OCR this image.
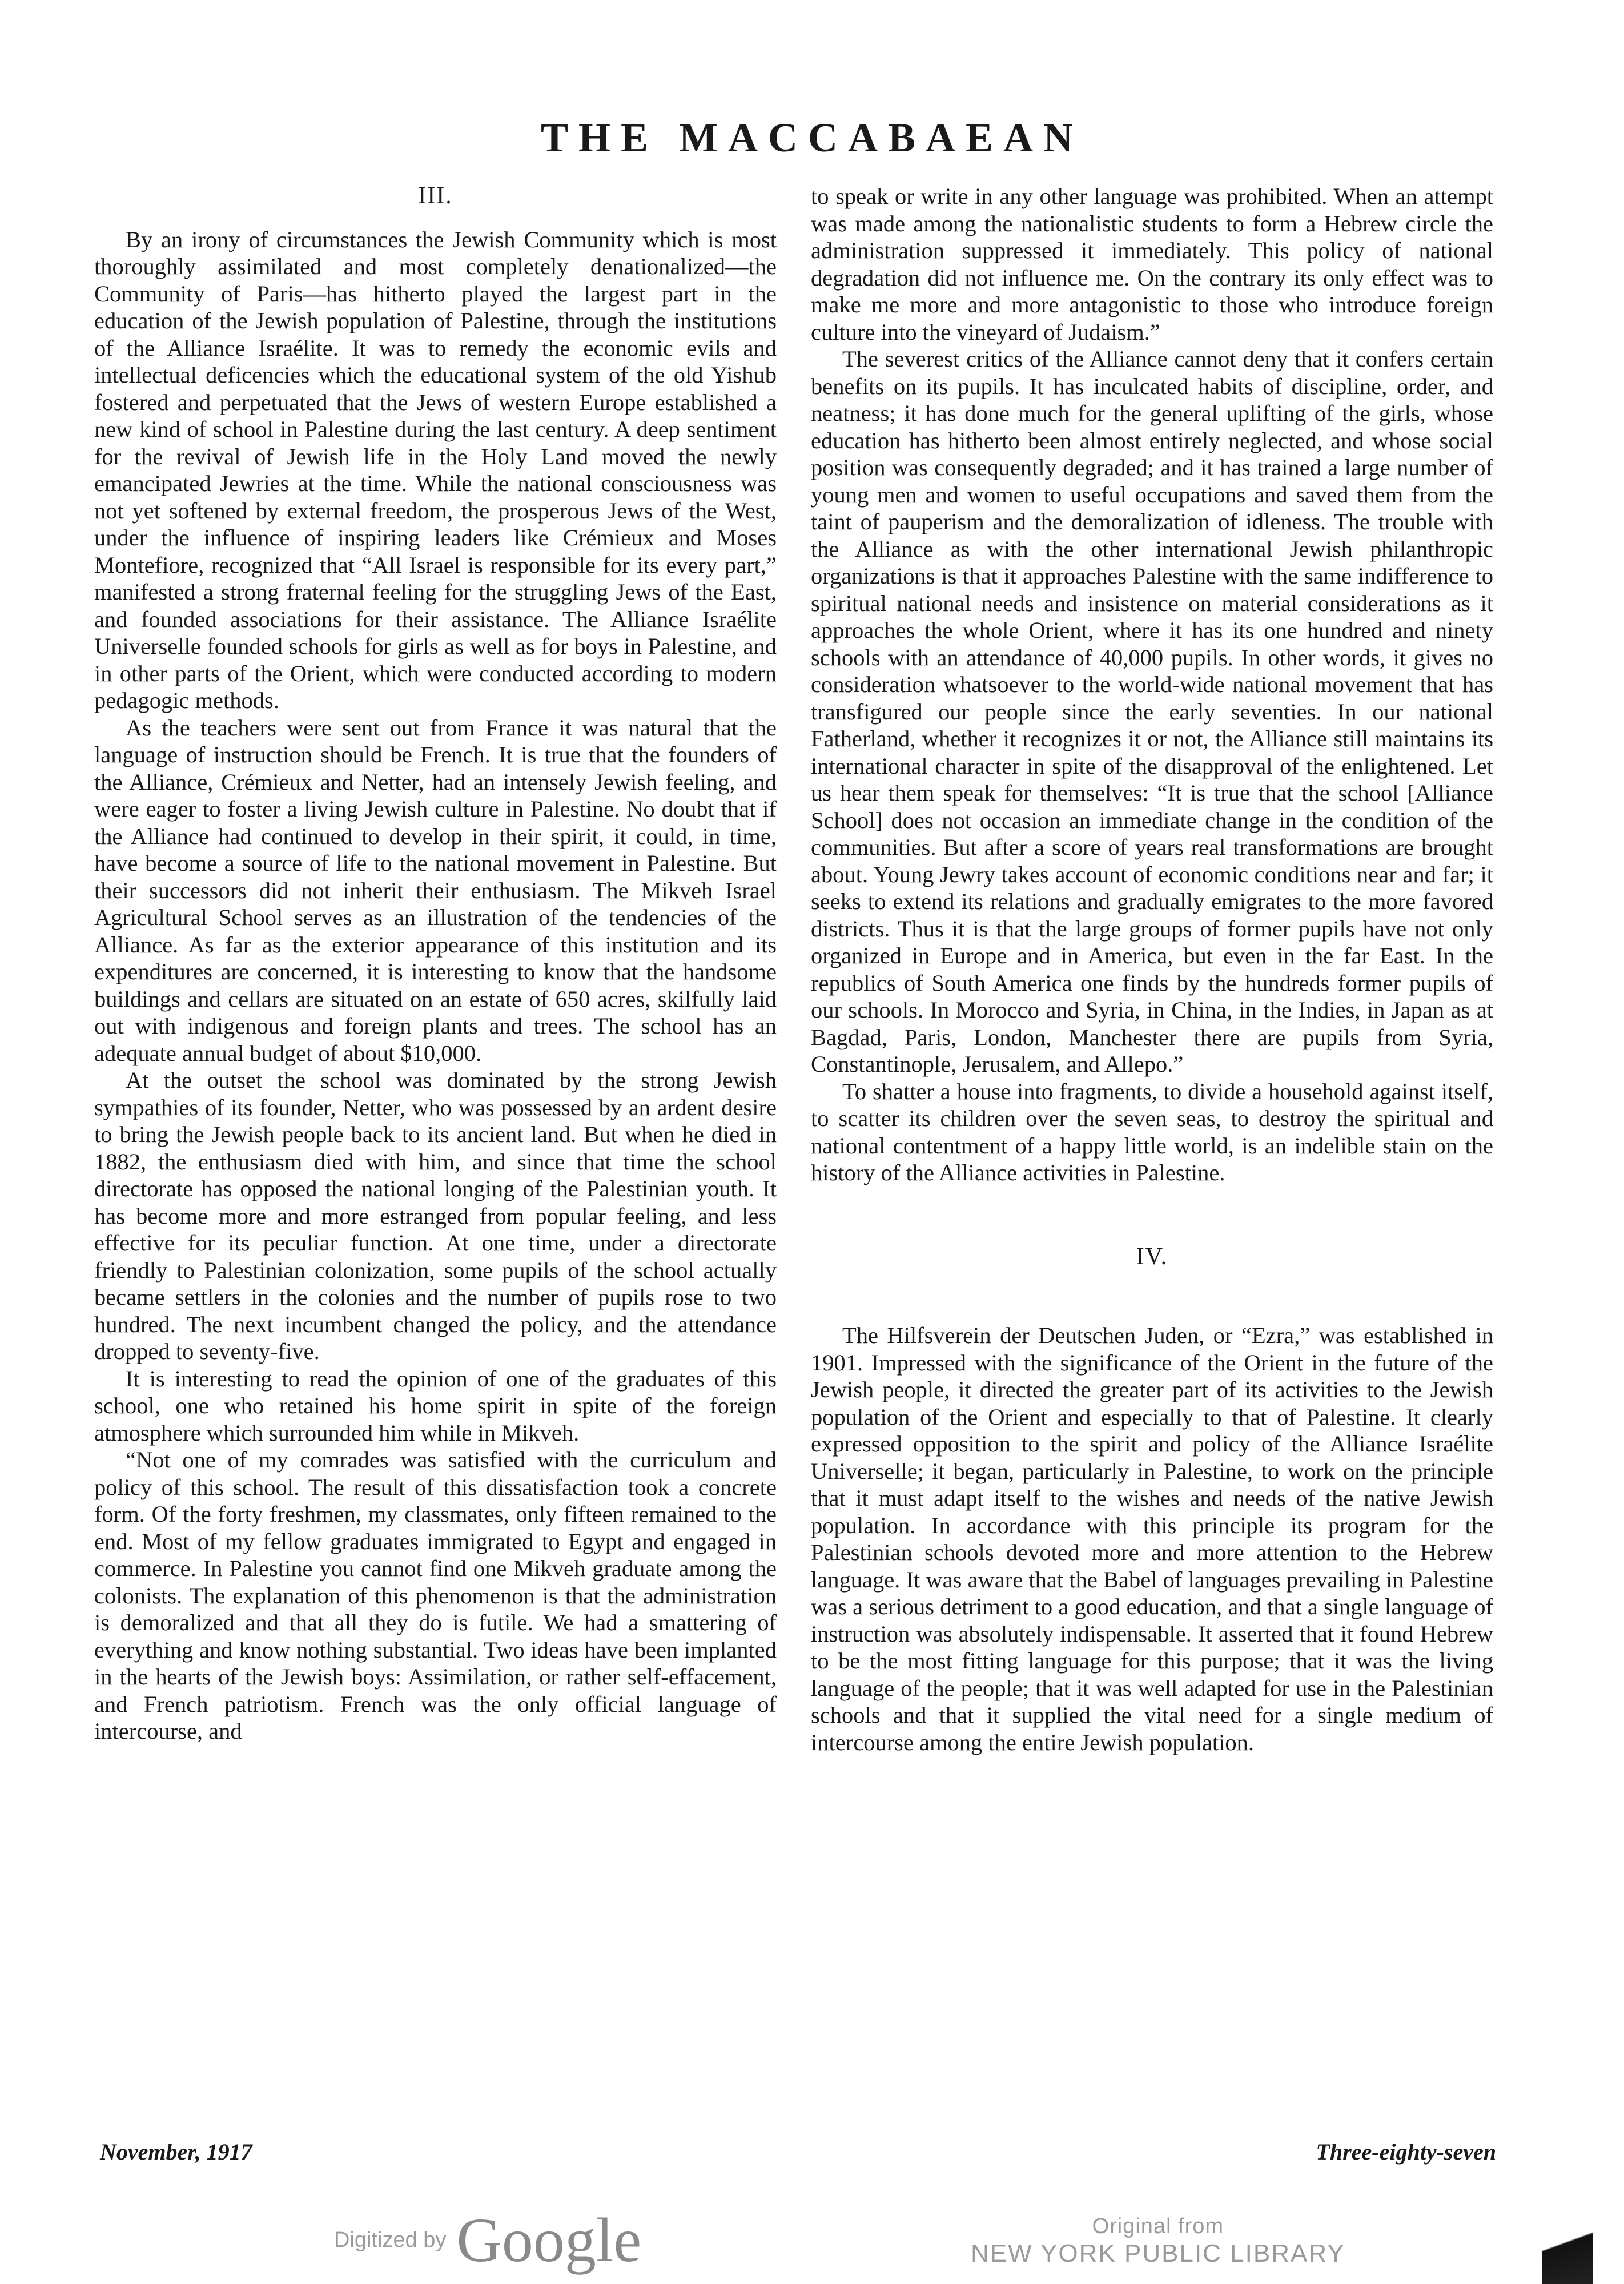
THE MACCABAEAN
III.

By an irony of circumstances the Jewish Community which is most thoroughly assimilated and most completely denationalized—the Community of Paris—has hitherto played the largest part in the education of the Jewish population of Palestine, through the institutions of the Alliance Israélite. It was to remedy the economic evils and intellectual deficencies which the educational system of the old Yishub fostered and perpetuated that the Jews of western Europe established a new kind of school in Palestine during the last century. A deep sentiment for the revival of Jewish life in the Holy Land moved the newly emancipated Jewries at the time. While the national consciousness was not yet softened by external freedom, the prosperous Jews of the West, under the influence of inspiring leaders like Crémieux and Moses Montefiore, recognized that “All Israel is responsible for its every part,” manifested a strong fraternal feeling for the struggling Jews of the East, and founded associations for their assistance. The Alliance Israélite Universelle founded schools for girls as well as for boys in Palestine, and in other parts of the Orient, which were conducted according to modern pedagogic methods.

As the teachers were sent out from France it was natural that the language of instruction should be French. It is true that the founders of the Alliance, Crémieux and Netter, had an intensely Jewish feeling, and were eager to foster a living Jewish culture in Palestine. No doubt that if the Alliance had continued to develop in their spirit, it could, in time, have become a source of life to the national movement in Palestine. But their successors did not inherit their enthusiasm. The Mikveh Israel Agricultural School serves as an illustration of the tendencies of the Alliance. As far as the exterior appearance of this institution and its expenditures are concerned, it is interesting to know that the handsome buildings and cellars are situated on an estate of 650 acres, skilfully laid out with indigenous and foreign plants and trees. The school has an adequate annual budget of about $10,000.

At the outset the school was dominated by the strong Jewish sympathies of its founder, Netter, who was possessed by an ardent desire to bring the Jewish people back to its ancient land. But when he died in 1882, the enthusiasm died with him, and since that time the school directorate has opposed the national longing of the Palestinian youth. It has become more and more estranged from popular feeling, and less effective for its peculiar function. At one time, under a directorate friendly to Palestinian colonization, some pupils of the school actually became settlers in the colonies and the number of pupils rose to two hundred. The next incumbent changed the policy, and the attendance dropped to seventy-five.

It is interesting to read the opinion of one of the graduates of this school, one who retained his home spirit in spite of the foreign atmosphere which surrounded him while in Mikveh.

“Not one of my comrades was satisfied with the curriculum and policy of this school. The result of this dissatisfaction took a concrete form. Of the forty freshmen, my classmates, only fifteen remained to the end. Most of my fellow graduates immigrated to Egypt and engaged in commerce. In Palestine you cannot find one Mikveh graduate among the colonists. The explanation of this phenomenon is that the administration is demoralized and that all they do is futile. We had a smattering of everything and know nothing substantial. Two ideas have been implanted in the hearts of the Jewish boys: Assimilation, or rather self-effacement, and French patriotism. French was the only official language of intercourse, and

to speak or write in any other language was prohibited. When an attempt was made among the nationalistic students to form a Hebrew circle the administration suppressed it immediately. This policy of national degradation did not influence me. On the contrary its only effect was to make me more and more antagonistic to those who introduce foreign culture into the vineyard of Judaism.”

The severest critics of the Alliance cannot deny that it confers certain benefits on its pupils. It has inculcated habits of discipline, order, and neatness; it has done much for the general uplifting of the girls, whose education has hitherto been almost entirely neglected, and whose social position was consequently degraded; and it has trained a large number of young men and women to useful occupations and saved them from the taint of pauperism and the demoralization of idleness. The trouble with the Alliance as with the other international Jewish philanthropic organizations is that it approaches Palestine with the same indifference to spiritual national needs and insistence on material considerations as it approaches the whole Orient, where it has its one hundred and ninety schools with an attendance of 40,000 pupils. In other words, it gives no consideration whatsoever to the world-wide national movement that has transfigured our people since the early seventies. In our national Fatherland, whether it recognizes it or not, the Alliance still maintains its international character in spite of the disapproval of the enlightened. Let us hear them speak for themselves: “It is true that the school [Alliance School] does not occasion an immediate change in the condition of the communities. But after a score of years real transformations are brought about. Young Jewry takes account of economic conditions near and far; it seeks to extend its relations and gradually emigrates to the more favored districts. Thus it is that the large groups of former pupils have not only organized in Europe and in America, but even in the far East. In the republics of South America one finds by the hundreds former pupils of our schools. In Morocco and Syria, in China, in the Indies, in Japan as at Bagdad, Paris, London, Manchester there are pupils from Syria, Constantinople, Jerusalem, and Allepo.”

To shatter a house into fragments, to divide a household against itself, to scatter its children over the seven seas, to destroy the spiritual and national contentment of a happy little world, is an indelible stain on the history of the Alliance activities in Palestine.

IV.

The Hilfsverein der Deutschen Juden, or “Ezra,” was established in 1901. Impressed with the significance of the Orient in the future of the Jewish people, it directed the greater part of its activities to the Jewish population of the Orient and especially to that of Palestine. It clearly expressed opposition to the spirit and policy of the Alliance Israélite Universelle; it began, particularly in Palestine, to work on the principle that it must adapt itself to the wishes and needs of the native Jewish population. In accordance with this principle its program for the Palestinian schools devoted more and more attention to the Hebrew language. It was aware that the Babel of languages prevailing in Palestine was a serious detriment to a good education, and that a single language of instruction was absolutely indispensable. It asserted that it found Hebrew to be the most fitting language for this purpose; that it was the living language of the people; that it was well adapted for use in the Palestinian schools and that it supplied the vital need for a single medium of intercourse among the entire Jewish population.

November, 1917	Three-eighty-seven
Digitized by Google	Original from
NEW YORK PUBLIC LIBRARY
